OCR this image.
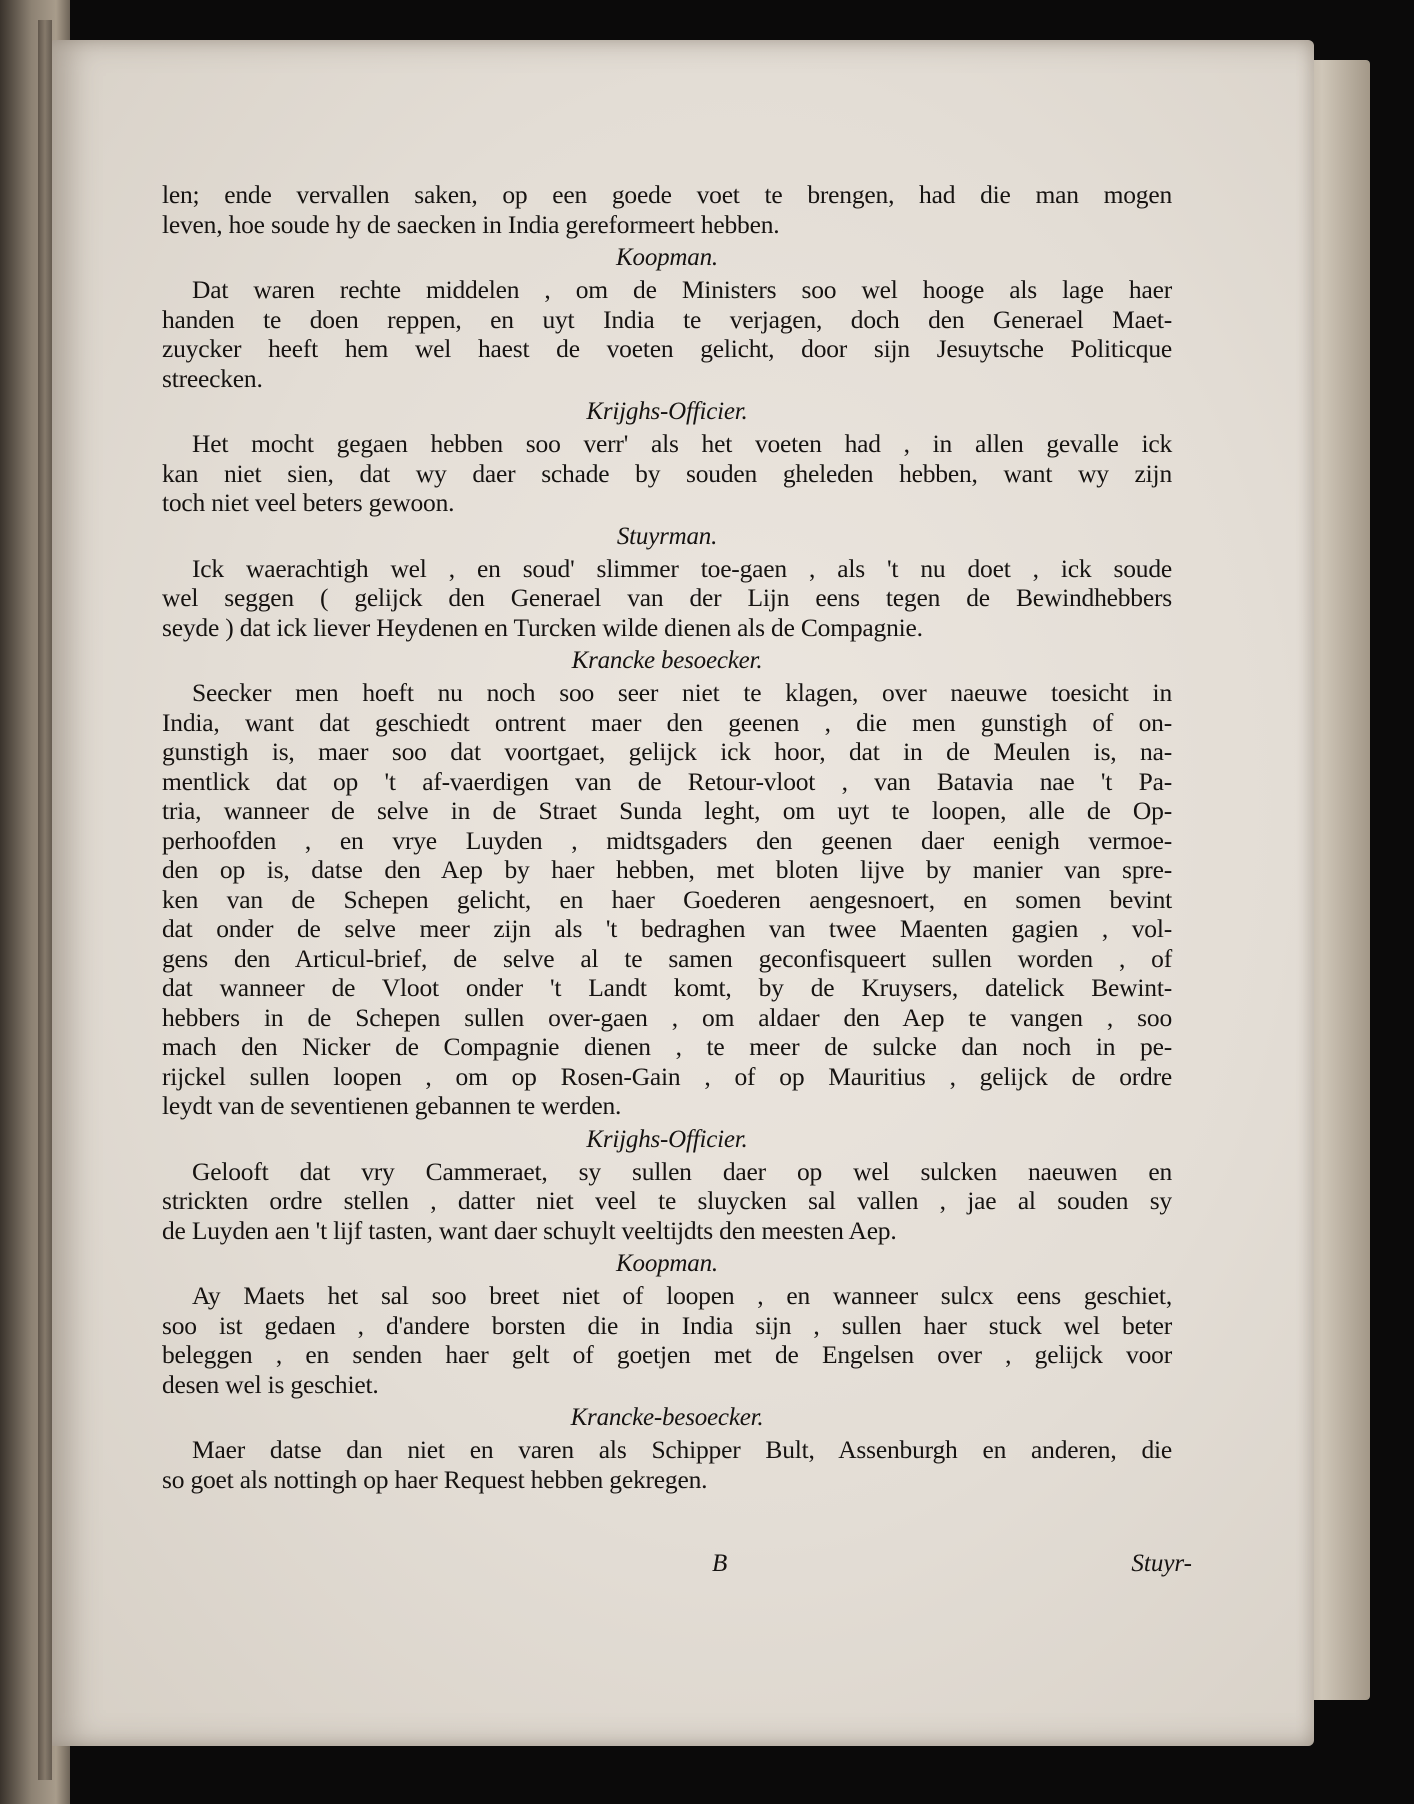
len; ende vervallen saken, op een goede voet te brengen, had die man mogen
leven, hoe soude hy de saecken in India gereformeert hebben.
Koopman.
Dat waren rechte middelen , om de Ministers soo wel hooge als lage haer
handen te doen reppen, en uyt India te verjagen, doch den Generael Maet-
zuycker heeft hem wel haest de voeten gelicht, door sijn Jesuytsche Politicque
streecken.
Krijghs-Officier.
Het mocht gegaen hebben soo verr' als het voeten had , in allen gevalle ick
kan niet sien, dat wy daer schade by souden gheleden hebben, want wy zijn
toch niet veel beters gewoon.
Stuyrman.
Ick waerachtigh wel , en soud' slimmer toe-gaen , als 't nu doet , ick soude
wel seggen ( gelijck den Generael van der Lijn eens tegen de Bewindhebbers
seyde ) dat ick liever Heydenen en Turcken wilde dienen als de Compagnie.
Krancke besoecker.
Seecker men hoeft nu noch soo seer niet te klagen, over naeuwe toesicht in
India, want dat geschiedt ontrent maer den geenen , die men gunstigh of on-
gunstigh is, maer soo dat voortgaet, gelijck ick hoor, dat in de Meulen is, na-
mentlick dat op 't af-vaerdigen van de Retour-vloot , van Batavia nae 't Pa-
tria, wanneer de selve in de Straet Sunda leght, om uyt te loopen, alle de Op-
perhoofden , en vrye Luyden , midtsgaders den geenen daer eenigh vermoe-
den op is, datse den Aep by haer hebben, met bloten lijve by manier van spre-
ken van de Schepen gelicht, en haer Goederen aengesnoert, en somen bevint
dat onder de selve meer zijn als 't bedraghen van twee Maenten gagien , vol-
gens den Articul-brief, de selve al te samen geconfisqueert sullen worden , of
dat wanneer de Vloot onder 't Landt komt, by de Kruysers, datelick Bewint-
hebbers in de Schepen sullen over-gaen , om aldaer den Aep te vangen , soo
mach den Nicker de Compagnie dienen , te meer de sulcke dan noch in pe-
rijckel sullen loopen , om op Rosen-Gain , of op Mauritius , gelijck de ordre
leydt van de seventienen gebannen te werden.
Krijghs-Officier.
Gelooft dat vry Cammeraet, sy sullen daer op wel sulcken naeuwen en
strickten ordre stellen , datter niet veel te sluycken sal vallen , jae al souden sy
de Luyden aen 't lijf tasten, want daer schuylt veeltijdts den meesten Aep.
Koopman.
Ay Maets het sal soo breet niet of loopen , en wanneer sulcx eens geschiet,
soo ist gedaen , d'andere borsten die in India sijn , sullen haer stuck wel beter
beleggen , en senden haer gelt of goetjen met de Engelsen over , gelijck voor
desen wel is geschiet.
Krancke-besoecker.
Maer datse dan niet en varen als Schipper Bult, Assenburgh en anderen, die
so goet als nottingh op haer Request hebben gekregen.
B	Stuyr-
